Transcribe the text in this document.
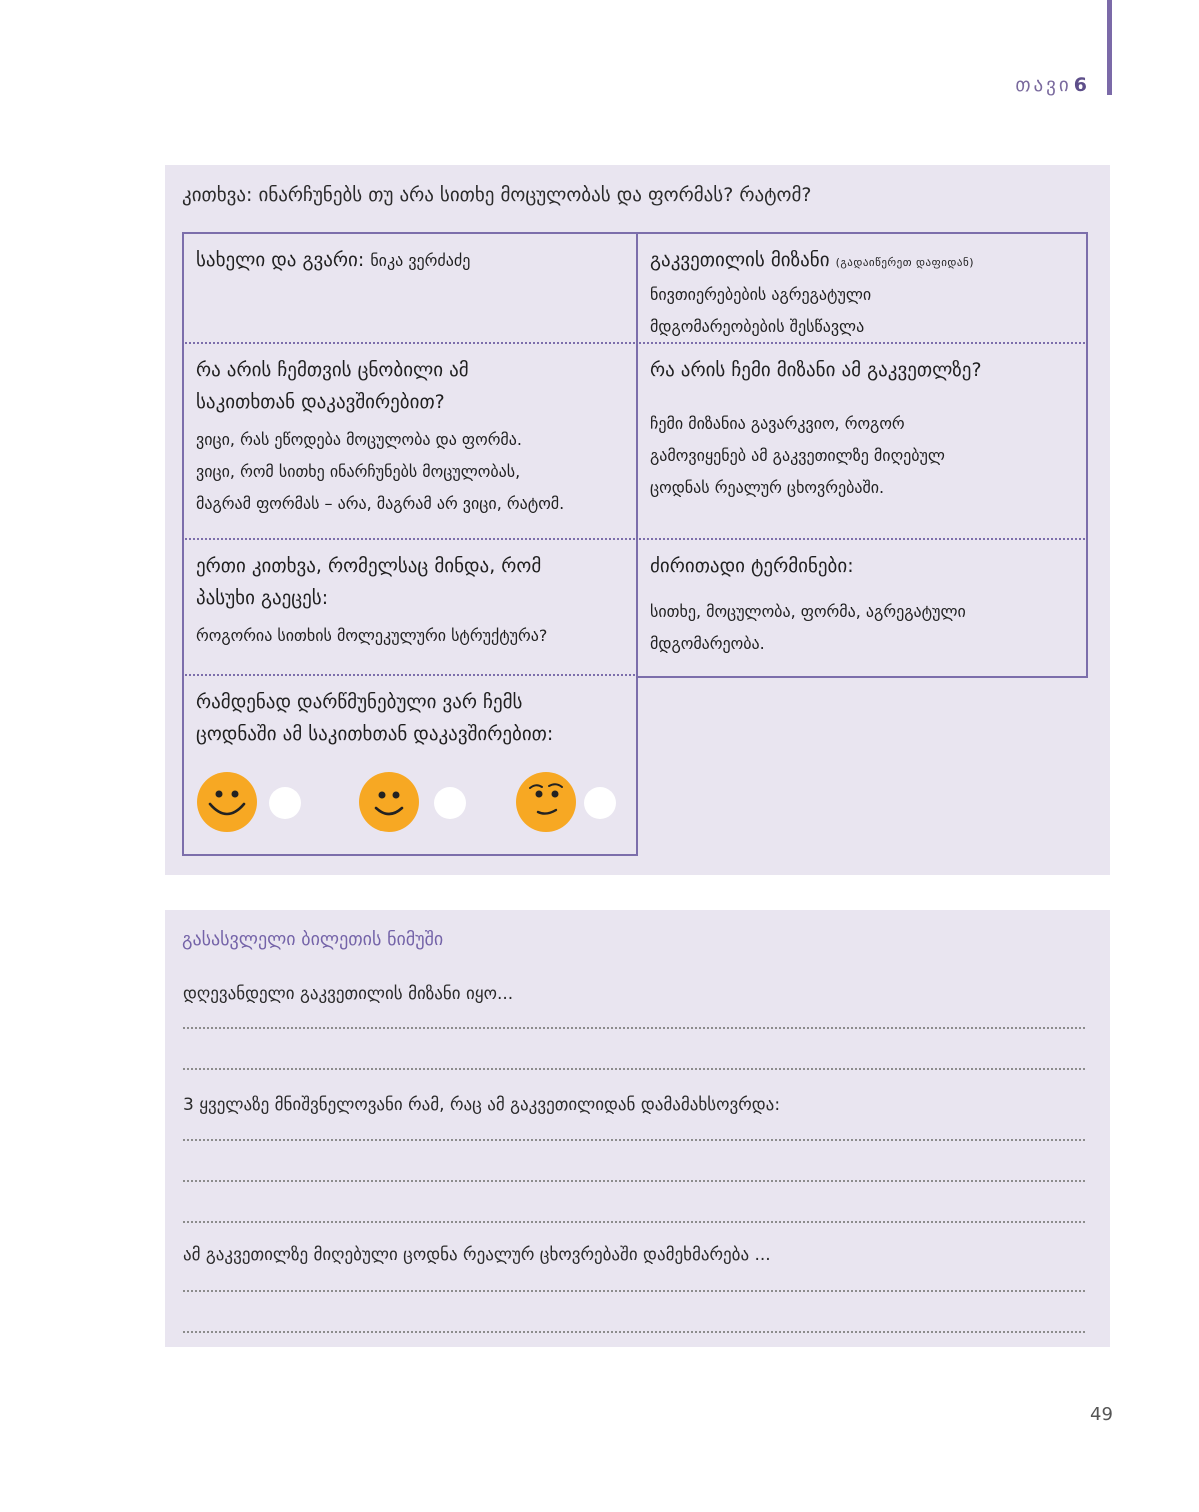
თავი 6
კითხვა: ინარჩუნებს თუ არა სითხე მოცულობას და ფორმას? რატომ?
სახელი და გვარი: ნიკა ვერძაძე
რა არის ჩემთვის ცნობილი ამ
საკითხთან დაკავშირებით?
ვიცი, რას ეწოდება მოცულობა და ფორმა.
ვიცი, რომ სითხე ინარჩუნებს მოცულობას,
მაგრამ ფორმას – არა, მაგრამ არ ვიცი, რატომ.
ერთი კითხვა, რომელსაც მინდა, რომ
პასუხი გაეცეს:
როგორია სითხის მოლეკულური სტრუქტურა?
რამდენად დარწმუნებული ვარ ჩემს
ცოდნაში ამ საკითხთან დაკავშირებით:
გაკვეთილის მიზანი (გადაიწერეთ დაფიდან)
ნივთიერებების აგრეგატული
მდგომარეობების შესწავლა
რა არის ჩემი მიზანი ამ გაკვეთლზე?
ჩემი მიზანია გავარკვიო, როგორ
გამოვიყენებ ამ გაკვეთილზე მიღებულ
ცოდნას რეალურ ცხოვრებაში.
ძირითადი ტერმინები:
სითხე, მოცულობა, ფორმა, აგრეგატული
მდგომარეობა.
გასასვლელი ბილეთის ნიმუში
დღევანდელი გაკვეთილის მიზანი იყო...
3 ყველაზე მნიშვნელოვანი რამ, რაც ამ გაკვეთილიდან დამამახსოვრდა:
ამ გაკვეთილზე მიღებული ცოდნა რეალურ ცხოვრებაში დამეხმარება ...
49
